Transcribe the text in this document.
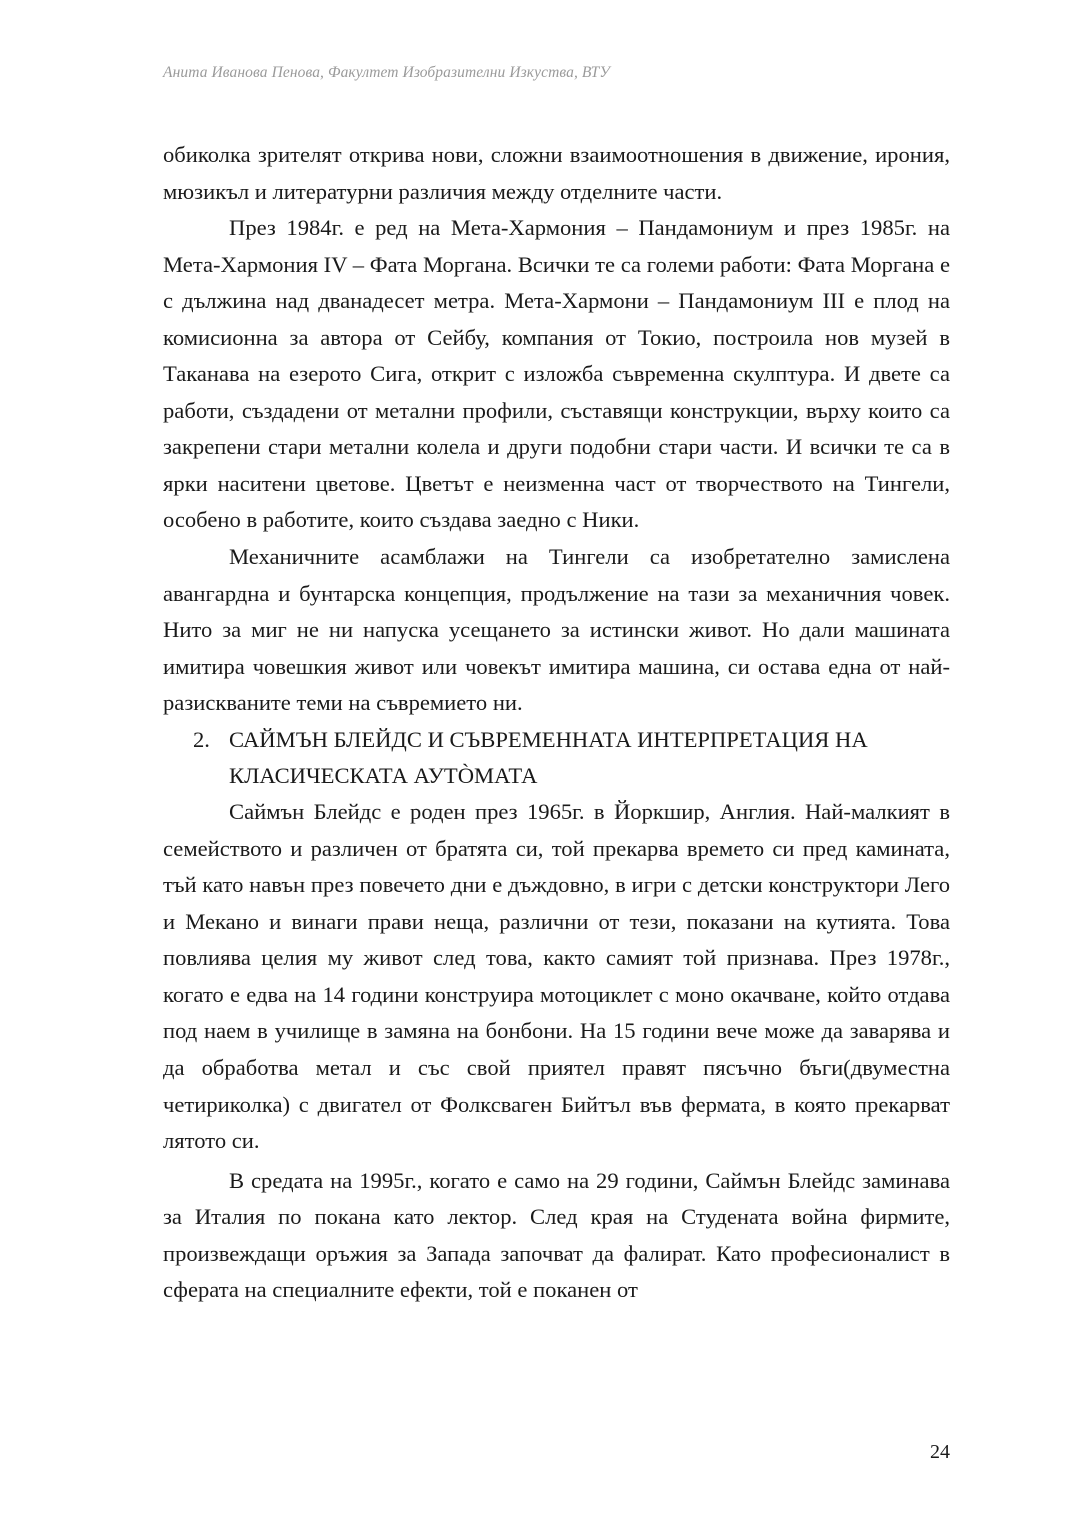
Анита Иванова Пенова, Факултет Изобразителни Изкуства, ВТУ

обиколка зрителят открива нови, сложни взаимоотношения в движение, ирония, мюзикъл и литературни различия между отделните части.

През 1984г. е ред на Мета-Хармония – Пандамониум и през 1985г. на Мета-Хармония IV – Фата Моргана. Всички те са големи работи: Фата Моргана е с дължина над дванадесет метра. Мета-Хармони – Пандамониум III е плод на комисионна за автора от Сейбу, компания от Токио, построила нов музей в Таканава на езерото Сига, открит с изложба съвременна скулптура. И двете са работи, създадени от метални профили, съставящи конструкции, върху които са закрепени стари метални колела и други подобни стари части. И всички те са в ярки наситени цветове. Цветът е неизменна част от творчеството на Тингели, особено в работите, които създава заедно с Ники.

Механичните асамблажи на Тингели са изобретателно замислена авангардна и бунтарска концепция, продължение на тази за механичния човек. Нито за миг не ни напуска усещането за истински живот. Но дали машината имитира човешкия живот или човекът имитира машина, си остава една от най-разискваните теми на съвремието ни.

2. САЙМЪН БЛЕЙДС И СЪВРЕМЕННАТА ИНТЕРПРЕТАЦИЯ НА КЛАСИЧЕСКАТА АУТÒМАТА

Саймън Блейдс е роден през 1965г. в Йоркшир, Англия. Най-малкият в семейството и различен от братята си, той прекарва времето си пред камината, тъй като навън през повечето дни е дъждовно, в игри с детски конструктори Лего и Мекано и винаги прави неща, различни от тези, показани на кутията. Това повлиява целия му живот след това, както самият той признава. През 1978г., когато е едва на 14 години конструира мотоциклет с моно окачване, който отдава под наем в училище в замяна на бонбони. На 15 години вече може да заварява и да обработва метал и със свой приятел правят пясъчно бъги(двуместна четириколка) с двигател от Фолксваген Бийтъл във фермата, в която прекарват лятото си.

В средата на 1995г., когато е само на 29 години, Саймън Блейдс заминава за Италия по покана като лектор. След края на Студената война фирмите, произвеждащи оръжия за Запада започват да фалират. Като професионалист в сферата на специалните ефекти, той е поканен от

24
